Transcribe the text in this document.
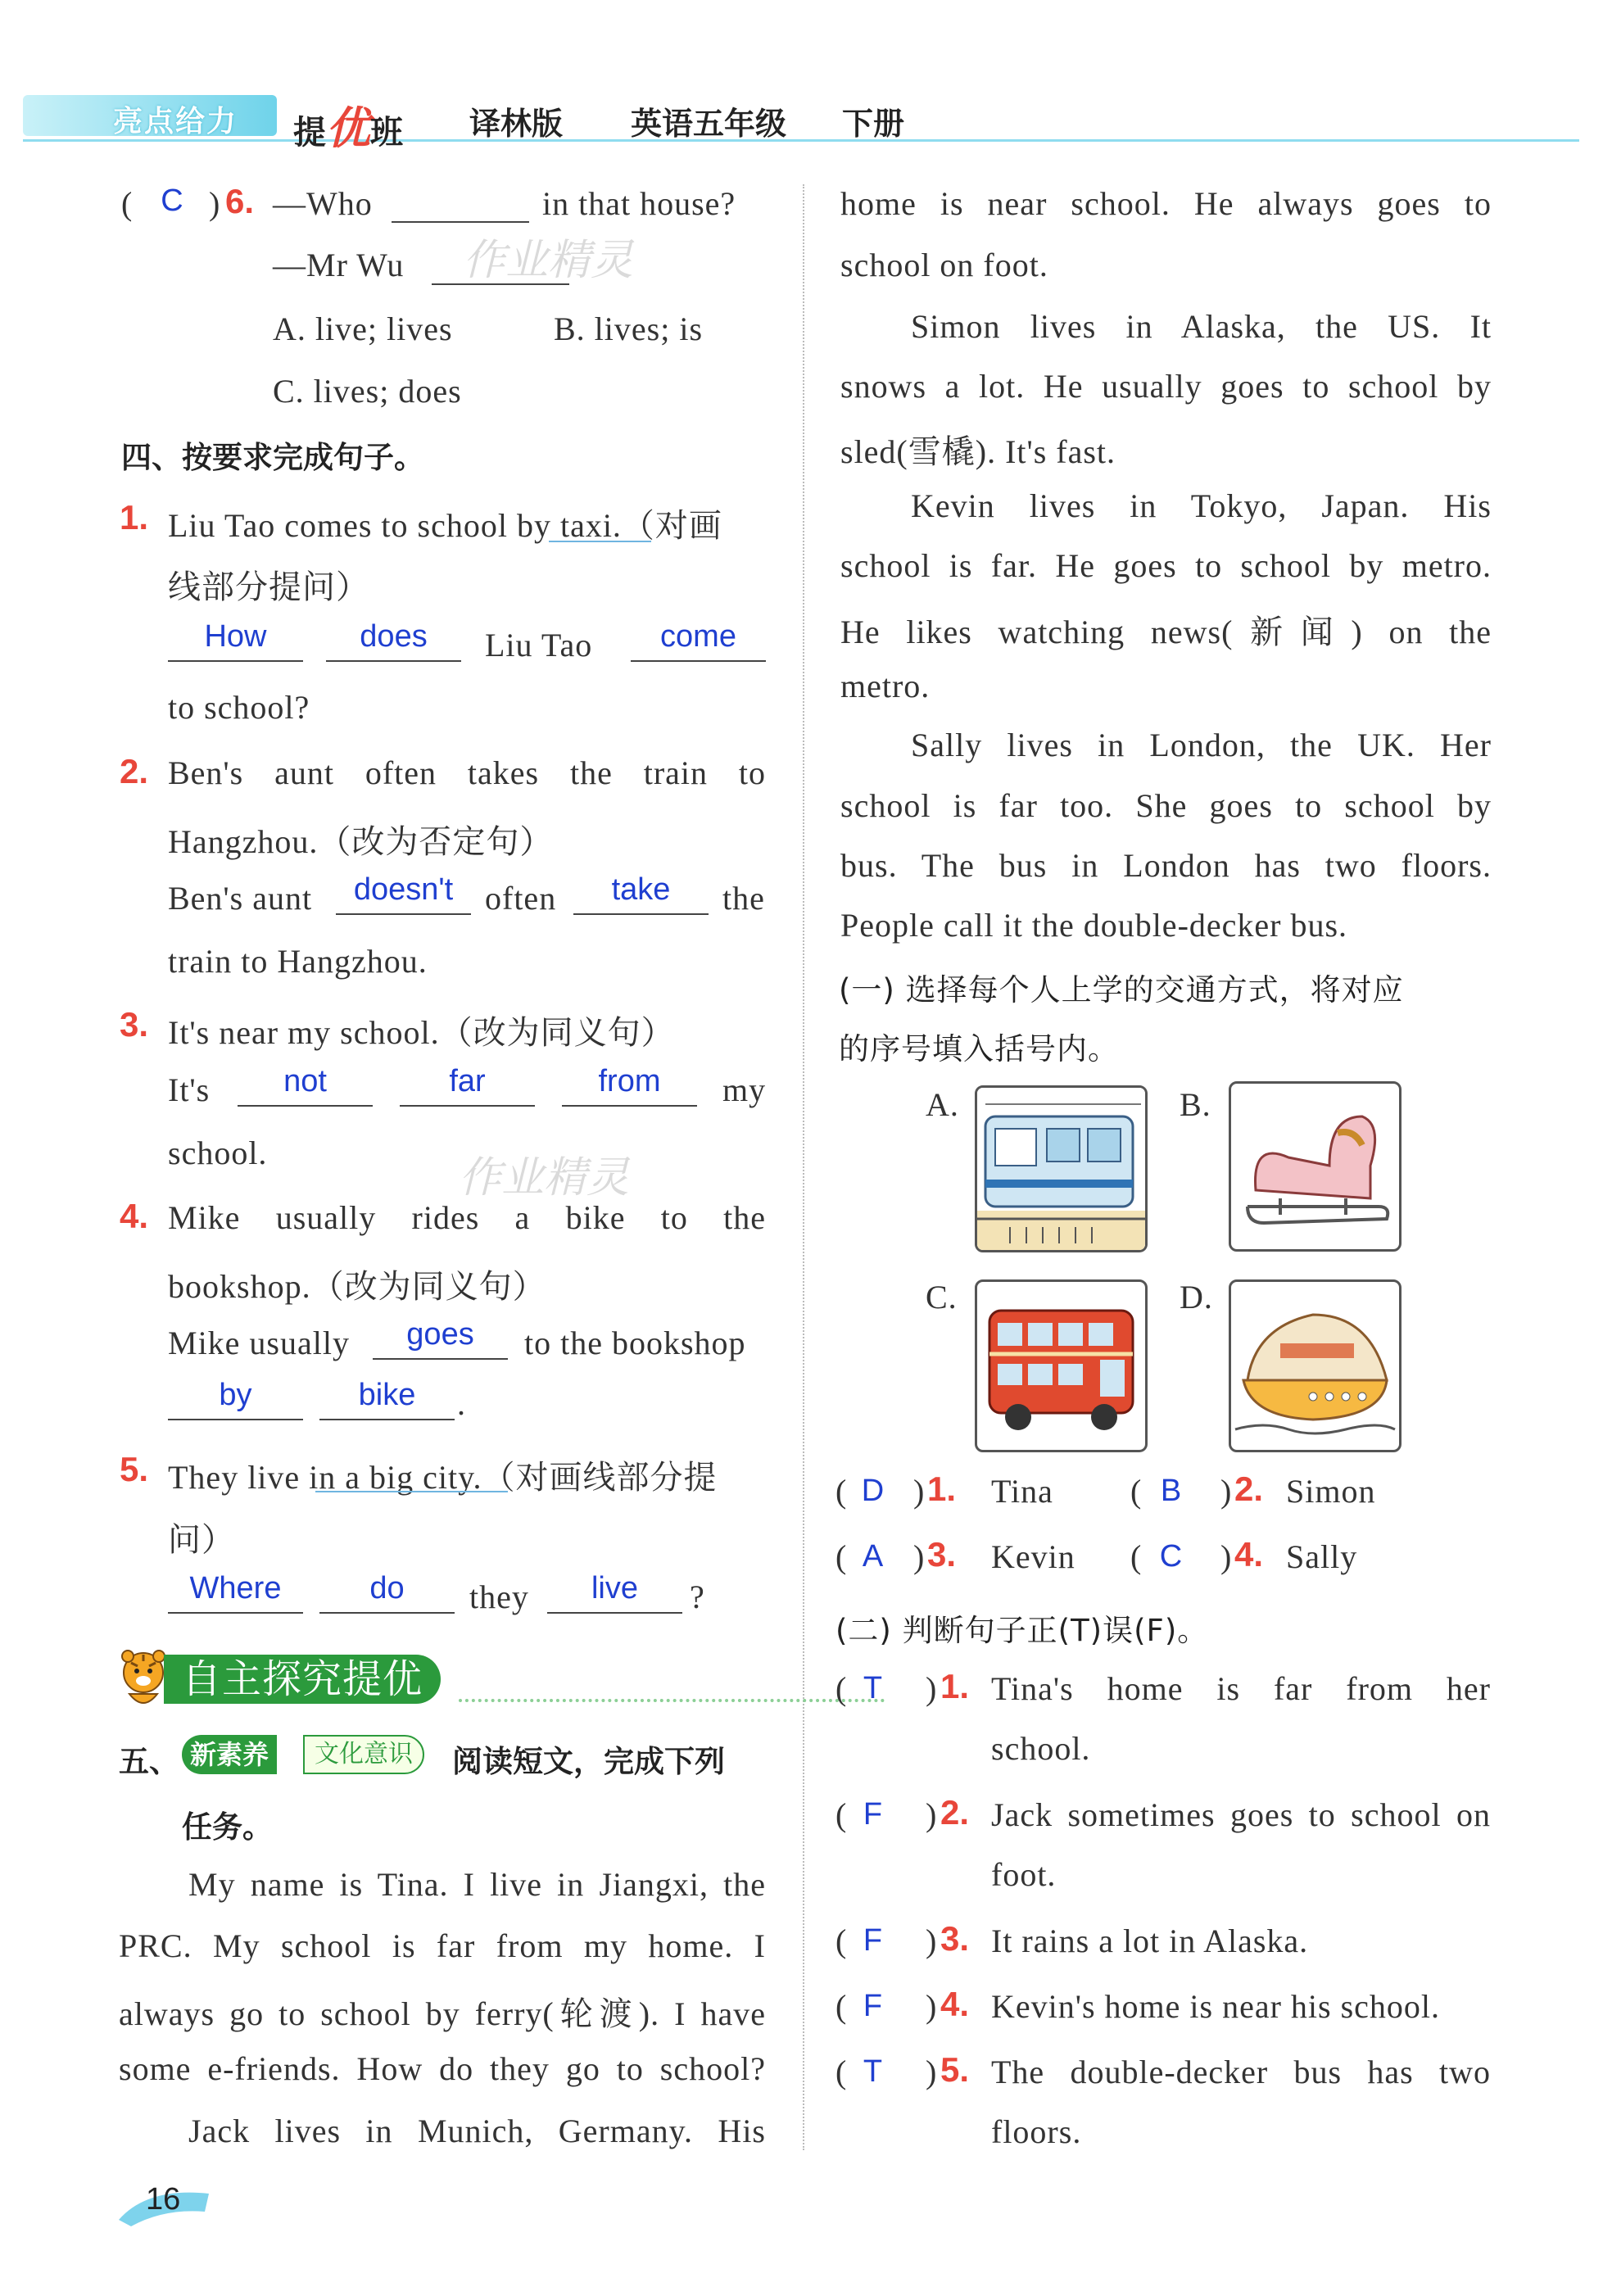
亮点给力 提优班 译林版 英语五年级 下册
( C ) 6. —Who	in that house?
—Mr Wu
A. live; lives	B. lives; is
C. lives; does
四、按要求完成句子。
1. Liu Tao comes to school by taxi.（对画
线部分提问）
How	does	Liu Tao	come
to school?
2. Ben's aunt often takes the train to
Hangzhou.（改为否定句）
Ben's aunt	doesn't often	take	the
train to Hangzhou.
3. It's near my school.（改为同义句）
It's	not	far	from	my
school.
4. Mike usually rides a bike to the
bookshop.（改为同义句）
Mike usually	goes	to the bookshop
by	bike	.
5. They live in a big city.（对画线部分提
问）
Where	do	they	live	?
自主探究提优
五、 新素养	文化意识	阅读短文，完成下列
任务。
My name is Tina. I live in Jiangxi, the
PRC. My school is far from my home. I
always go to school by ferry(轮渡). I have
some e-friends. How do they go to school?
Jack lives in Munich, Germany. His
16
home is near school. He always goes to
school on foot.
Simon lives in Alaska, the US. It
snows a lot. He usually goes to school by
sled(雪橇). It's fast.
Kevin lives in Tokyo, Japan. His
school is far. He goes to school by metro.
He likes watching news(新闻) on the
metro.
Sally lives in London, the UK. Her
school is far too. She goes to school by
bus. The bus in London has two floors.
People call it the double-decker bus.
(一) 选择每个人上学的交通方式，将对应
的序号填入括号内。
A.	B.
C.	D.
( D ) 1. Tina ( B ) 2. Simon
( A ) 3. Kevin ( C ) 4. Sally
(二) 判断句子正(T)误(F)。
( T ) 1. Tina's home is far from her
school.
( F ) 2. Jack sometimes goes to school on
foot.
( F ) 3. It rains a lot in Alaska.
( F ) 4. Kevin's home is near his school.
( T ) 5. The double-decker bus has two
floors.
作业精灵
作业精灵
